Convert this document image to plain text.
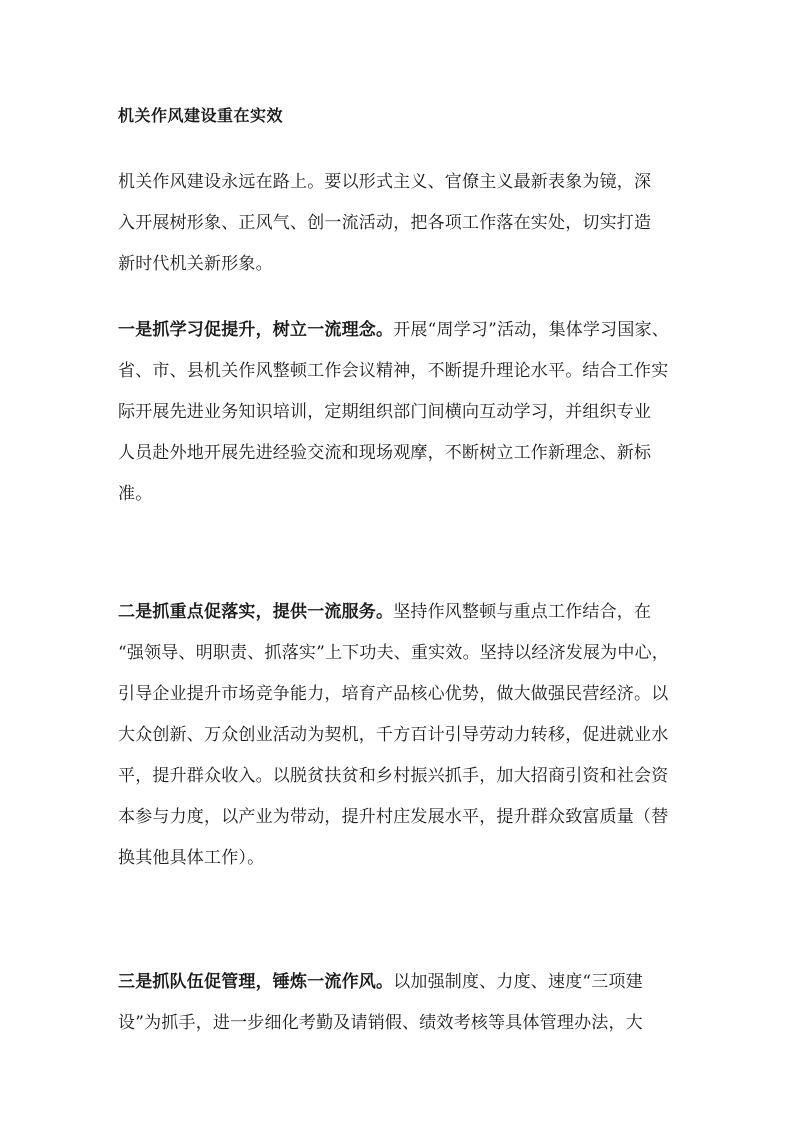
机关作风建设重在实效
机关作风建设永远在路上。要以形式主义、官僚主义最新表象为镜，深
入开展树形象、正风气、创一流活动，把各项工作落在实处，切实打造
新时代机关新形象。
一是抓学习促提升，树立一流理念。开展“周学习”活动，集体学习国家、
省、市、县机关作风整顿工作会议精神，不断提升理论水平。结合工作实
际开展先进业务知识培训，定期组织部门间横向互动学习，并组织专业
人员赴外地开展先进经验交流和现场观摩，不断树立工作新理念、新标
准。
二是抓重点促落实，提供一流服务。坚持作风整顿与重点工作结合，在
“强领导、明职责、抓落实”上下功夫、重实效。坚持以经济发展为中心，
引导企业提升市场竞争能力，培育产品核心优势，做大做强民营经济。以
大众创新、万众创业活动为契机，千方百计引导劳动力转移，促进就业水
平，提升群众收入。以脱贫扶贫和乡村振兴抓手，加大招商引资和社会资
本参与力度，以产业为带动，提升村庄发展水平，提升群众致富质量（替
换其他具体工作）。
三是抓队伍促管理，锤炼一流作风。以加强制度、力度、速度“三项建
设”为抓手，进一步细化考勤及请销假、绩效考核等具体管理办法，大
